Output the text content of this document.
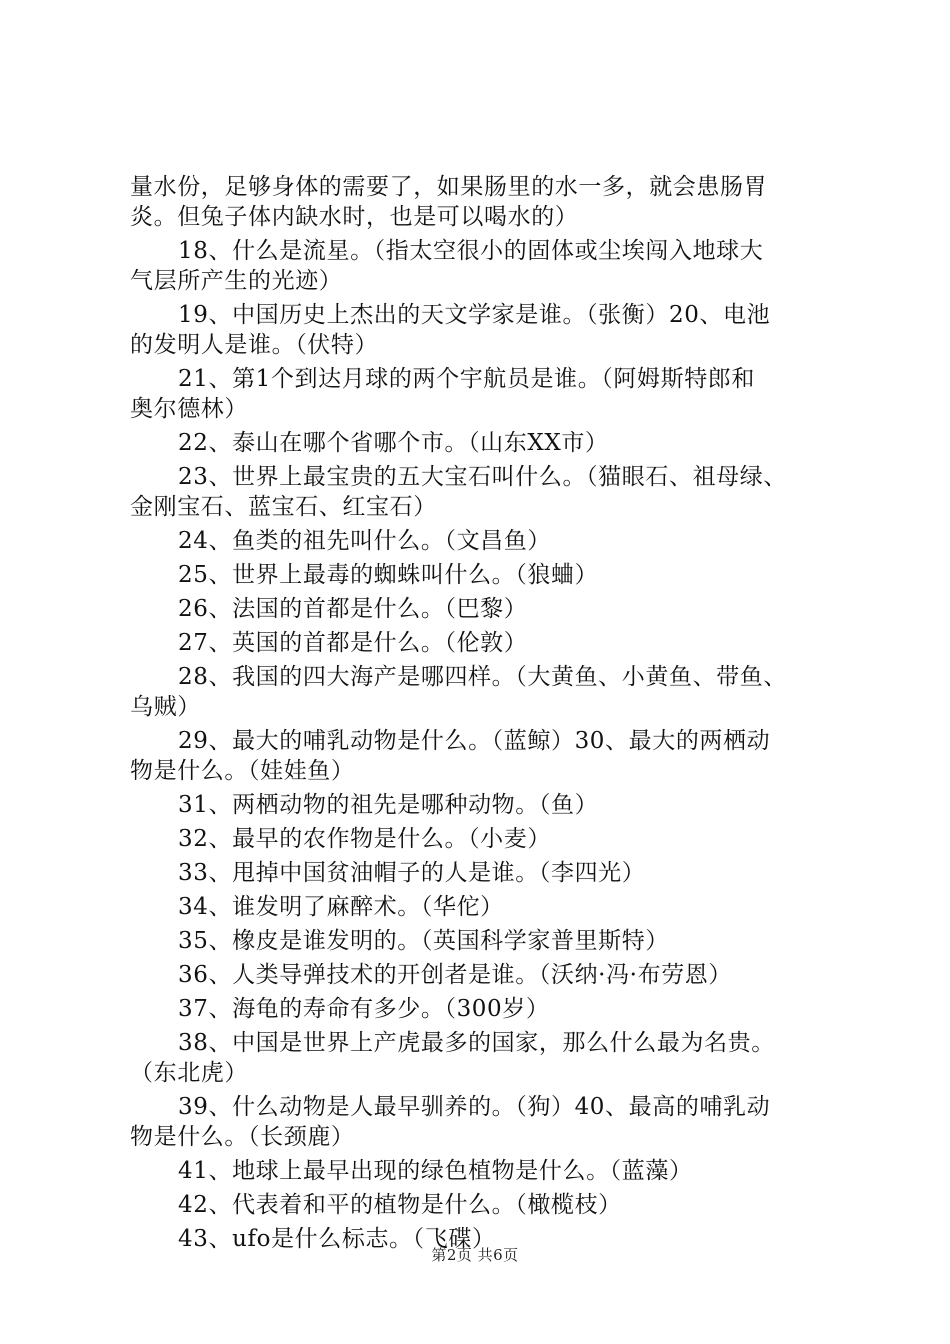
量水份，足够身体的需要了，如果肠里的水一多，就会患肠胃
炎。但兔子体内缺水时，也是可以喝水的）
18、什么是流星。（指太空很小的固体或尘埃闯入地球大
气层所产生的光迹）
19、中国历史上杰出的天文学家是谁。（张衡）20、电池
的发明人是谁。（伏特）
21、第1个到达月球的两个宇航员是谁。（阿姆斯特郎和
奥尔德林）
22、泰山在哪个省哪个市。（山东XX市）
23、世界上最宝贵的五大宝石叫什么。（猫眼石、祖母绿、
金刚宝石、蓝宝石、红宝石）
24、鱼类的祖先叫什么。（文昌鱼）
25、世界上最毒的蜘蛛叫什么。（狼蛐）
26、法国的首都是什么。（巴黎）
27、英国的首都是什么。（伦敦）
28、我国的四大海产是哪四样。（大黄鱼、小黄鱼、带鱼、
乌贼）
29、最大的哺乳动物是什么。（蓝鲸）30、最大的两栖动
物是什么。（娃娃鱼）
31、两栖动物的祖先是哪种动物。（鱼）
32、最早的农作物是什么。（小麦）
33、甩掉中国贫油帽子的人是谁。（李四光）
34、谁发明了麻醉术。（华佗）
35、橡皮是谁发明的。（英国科学家普里斯特）
36、人类导弹技术的开创者是谁。（沃纳·冯·布劳恩）
37、海龟的寿命有多少。（300岁）
38、中国是世界上产虎最多的国家，那么什么最为名贵。
（东北虎）
39、什么动物是人最早驯养的。（狗）40、最高的哺乳动
物是什么。（长颈鹿）
41、地球上最早出现的绿色植物是什么。（蓝藻）
42、代表着和平的植物是什么。（橄榄枝）
43、ufo是什么标志。（飞碟）
第2页 共6页
